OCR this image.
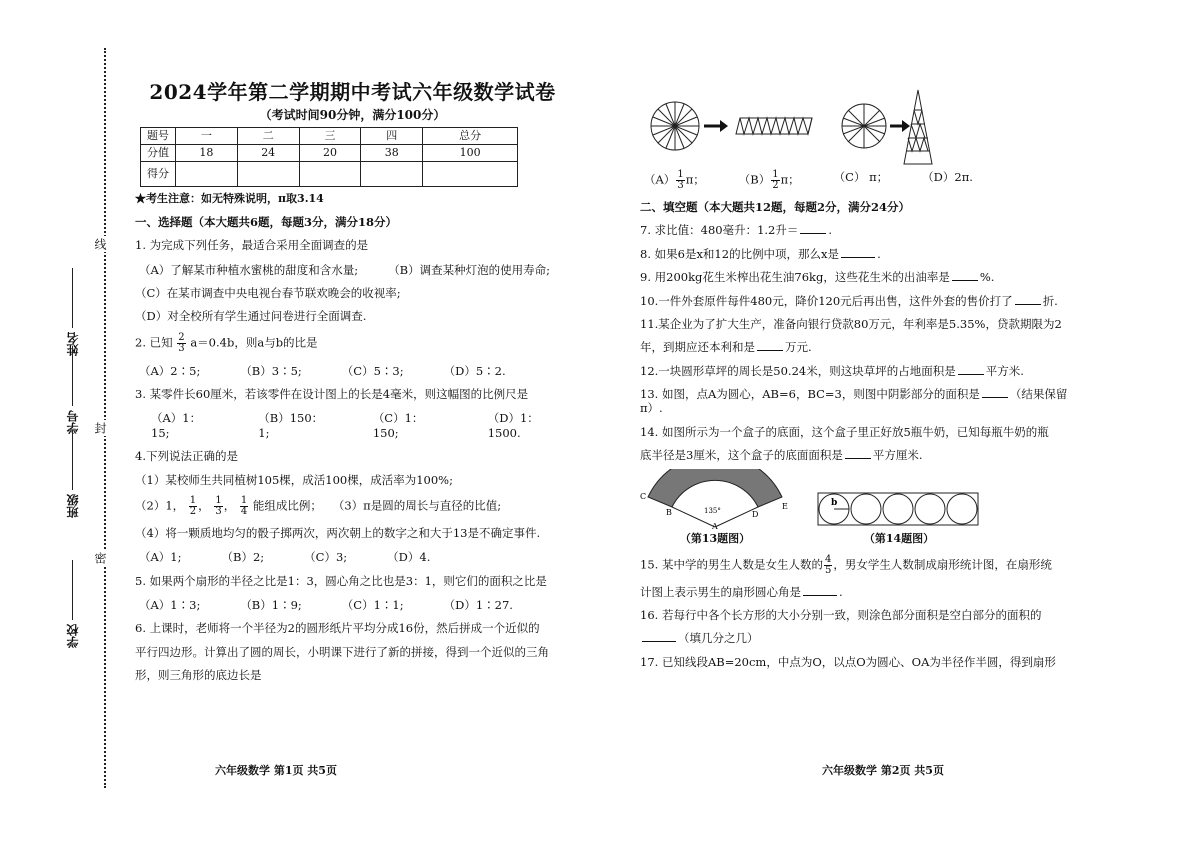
线
封
密
姓名
学号
班级
学校
2024学年第二学期期中考试六年级数学试卷
（考试时间90分钟，满分100分）
题号	一	二	三	四	总分
分值	18	24	20	38	100
得分					
★考生注意：如无特殊说明，π取3.14
一、选择题（本大题共6题，每题3分，满分18分）
1. 为完成下列任务，最适合采用全面调查的是
（A）了解某市种植水蜜桃的甜度和含水量;	（B）调查某种灯泡的使用寿命;
（C）在某市调查中央电视台春节联欢晚会的收视率;
（D）对全校所有学生通过问卷进行全面调查.
2. 已知 $\frac{2}{3} a=0.4b$，则a与b的比是
（A）2∶5;	（B）3∶5;	（C）5∶3;	（D）5∶2.
3. 某零件长60厘米，若该零件在设计图上的长是4毫米，则这幅图的比例尺是
（A）1：15;
（B）150：1;
（C）1：150;
（D）1：1500.
4.下列说法正确的是
（1）某校师生共同植树105棵，成活100棵，成活率为100%;
（2）1， $\frac{1}{2}$ ， $\frac{1}{3}$ ， $\frac{1}{4}$ 能组成比例； （3）π是圆的周长与直径的比值;
（4）将一颗质地均匀的骰子掷两次，两次朝上的数字之和大于13是不确定事件.
（A）1;	（B）2;	（C）3;	（D）4.
5. 如果两个扇形的半径之比是1：3，圆心角之比也是3：1，则它们的面积之比是
（A）1∶3;	（B）1∶9;	（C）1∶1;	（D）1∶27.
6. 上课时，老师将一个半径为2的圆形纸片平均分成16份，然后拼成一个近似的
平行四边形。计算出了圆的周长，小明课下进行了新的拼接，得到一个近似的三角
形，则三角形的底边长是
六年级数学 第1页 共5页
$(A) \frac{1}{3}$ π；	$(B) \frac{1}{2}$ π；	（C） π；	（D）2π.
二、填空题（本大题共12题，每题2分，满分24分）
7. 求比值：480毫升：1.2升＝	.
8. 如果6是x和12的比例中项，那么x是	.
9. 用200kg花生米榨出花生油76kg，这些花生米的出油率是	%.
10.一件外套原件每件480元，降价120元后再出售，这件外套的售价打了	折.
11.某企业为了扩大生产，准备向银行贷款80万元，年利率是5.35%，贷款期限为2
年，到期应还本利和是	万元.
12.一块圆形草坪的周长是50.24米，则这块草坪的占地面积是	平方米.
13. 如图，点A为圆心，AB=6，BC=3，则图中阴影部分的面积是	（结果保留π）.
14. 如图所示为一个盒子的底面，这个盒子里正好放5瓶牛奶，已知每瓶牛奶的瓶
底半径是3厘米，这个盒子的底面面积是	平方厘米.
C
B	135°
A
D
E
（第13题图）
b
（第14题图）
15. 某中学的男生人数是女生人数的 $\frac{4}{5}$ ，男女学生人数制成扇形统计图，在扇形统
计图上表示男生的扇形圆心角是	.
16. 若每行中各个长方形的大小分别一致，则涂色部分面积是空白部分的面积的
（填几分之几）
17. 已知线段AB=20cm，中点为O，以点O为圆心、OA为半径作半圆，得到扇形
六年级数学 第2页 共5页
